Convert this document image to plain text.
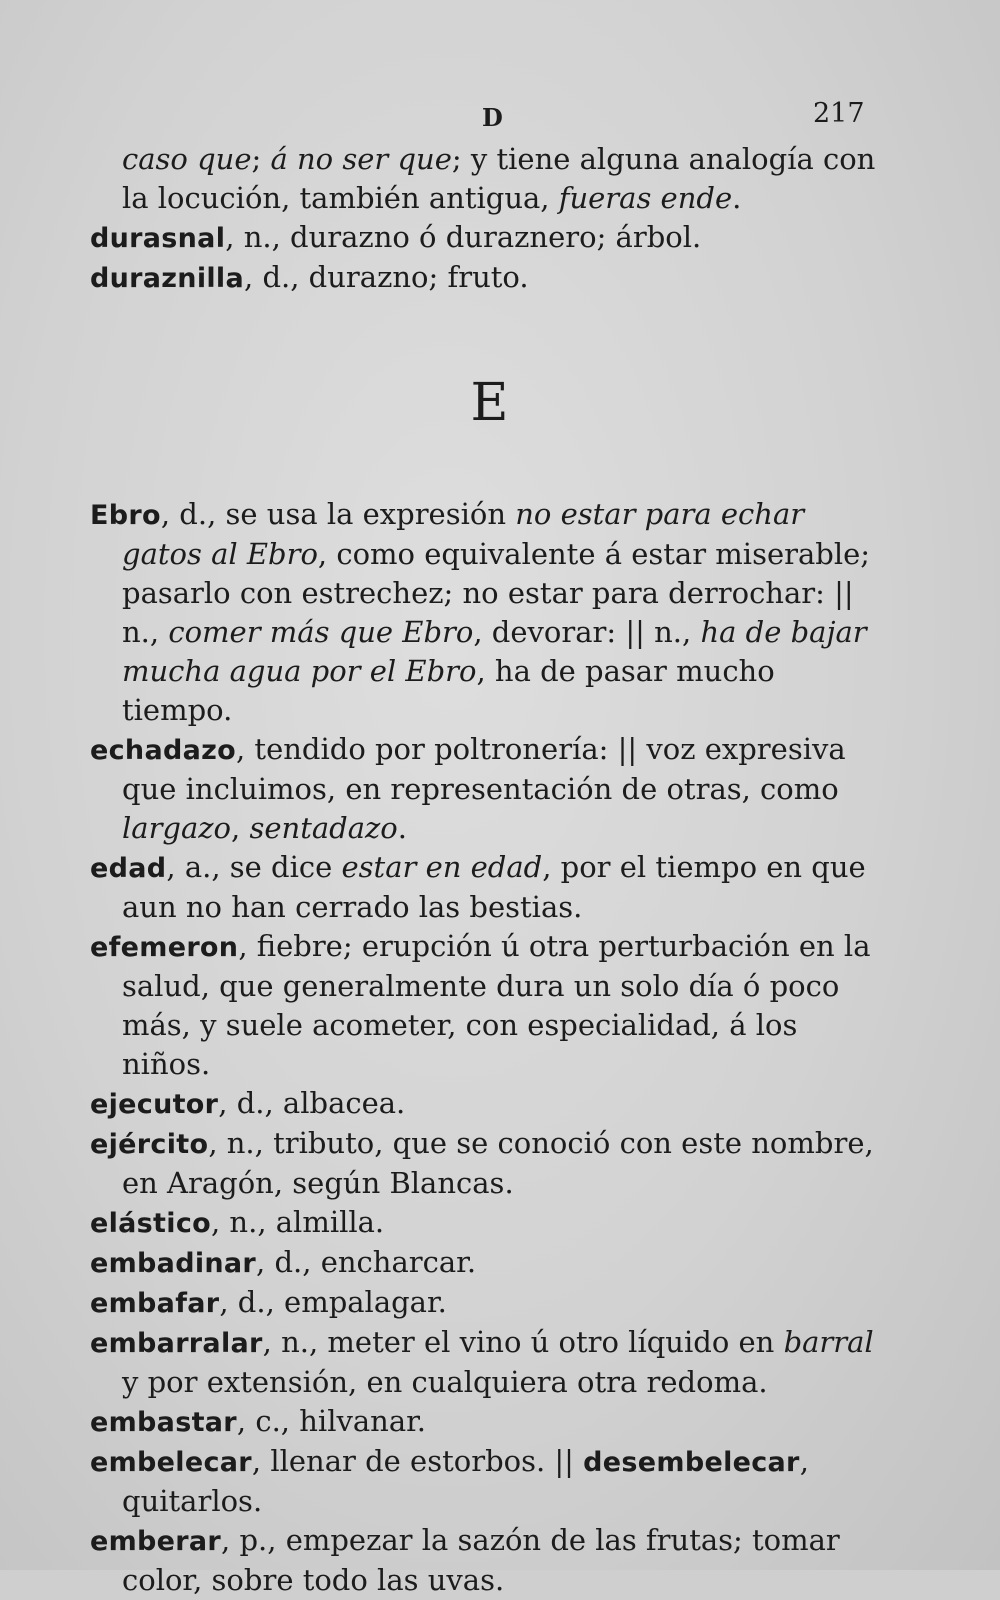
D	217

caso que; á no ser que; y tiene alguna analogía con la locución, también antigua, fueras ende.

durasnal, n., durazno ó duraznero; árbol.

duraznilla, d., durazno; fruto.

E

Ebro, d., se usa la expresión no estar para echar gatos al Ebro, como equivalente á estar miserable; pasarlo con estrechez; no estar para derrochar: || n., comer más que Ebro, devorar: || n., ha de bajar mucha agua por el Ebro, ha de pasar mucho tiempo.

echadazo, tendido por poltronería: || voz expresiva que incluimos, en representación de otras, como largazo, sentadazo.

edad, a., se dice estar en edad, por el tiempo en que aun no han cerrado las bestias.

efemeron, fiebre; erupción ú otra perturbación en la salud, que generalmente dura un solo día ó poco más, y suele acometer, con especialidad, á los niños.

ejecutor, d., albacea.

ejército, n., tributo, que se conoció con este nombre, en Aragón, según Blancas.

elástico, n., almilla.

embadinar, d., encharcar.

embafar, d., empalagar.

embarralar, n., meter el vino ú otro líquido en barral y por extensión, en cualquiera otra redoma.

embastar, c., hilvanar.

embelecar, llenar de estorbos. || desembelecar, quitarlos.

emberar, p., empezar la sazón de las frutas; tomar color, sobre todo las uvas.
